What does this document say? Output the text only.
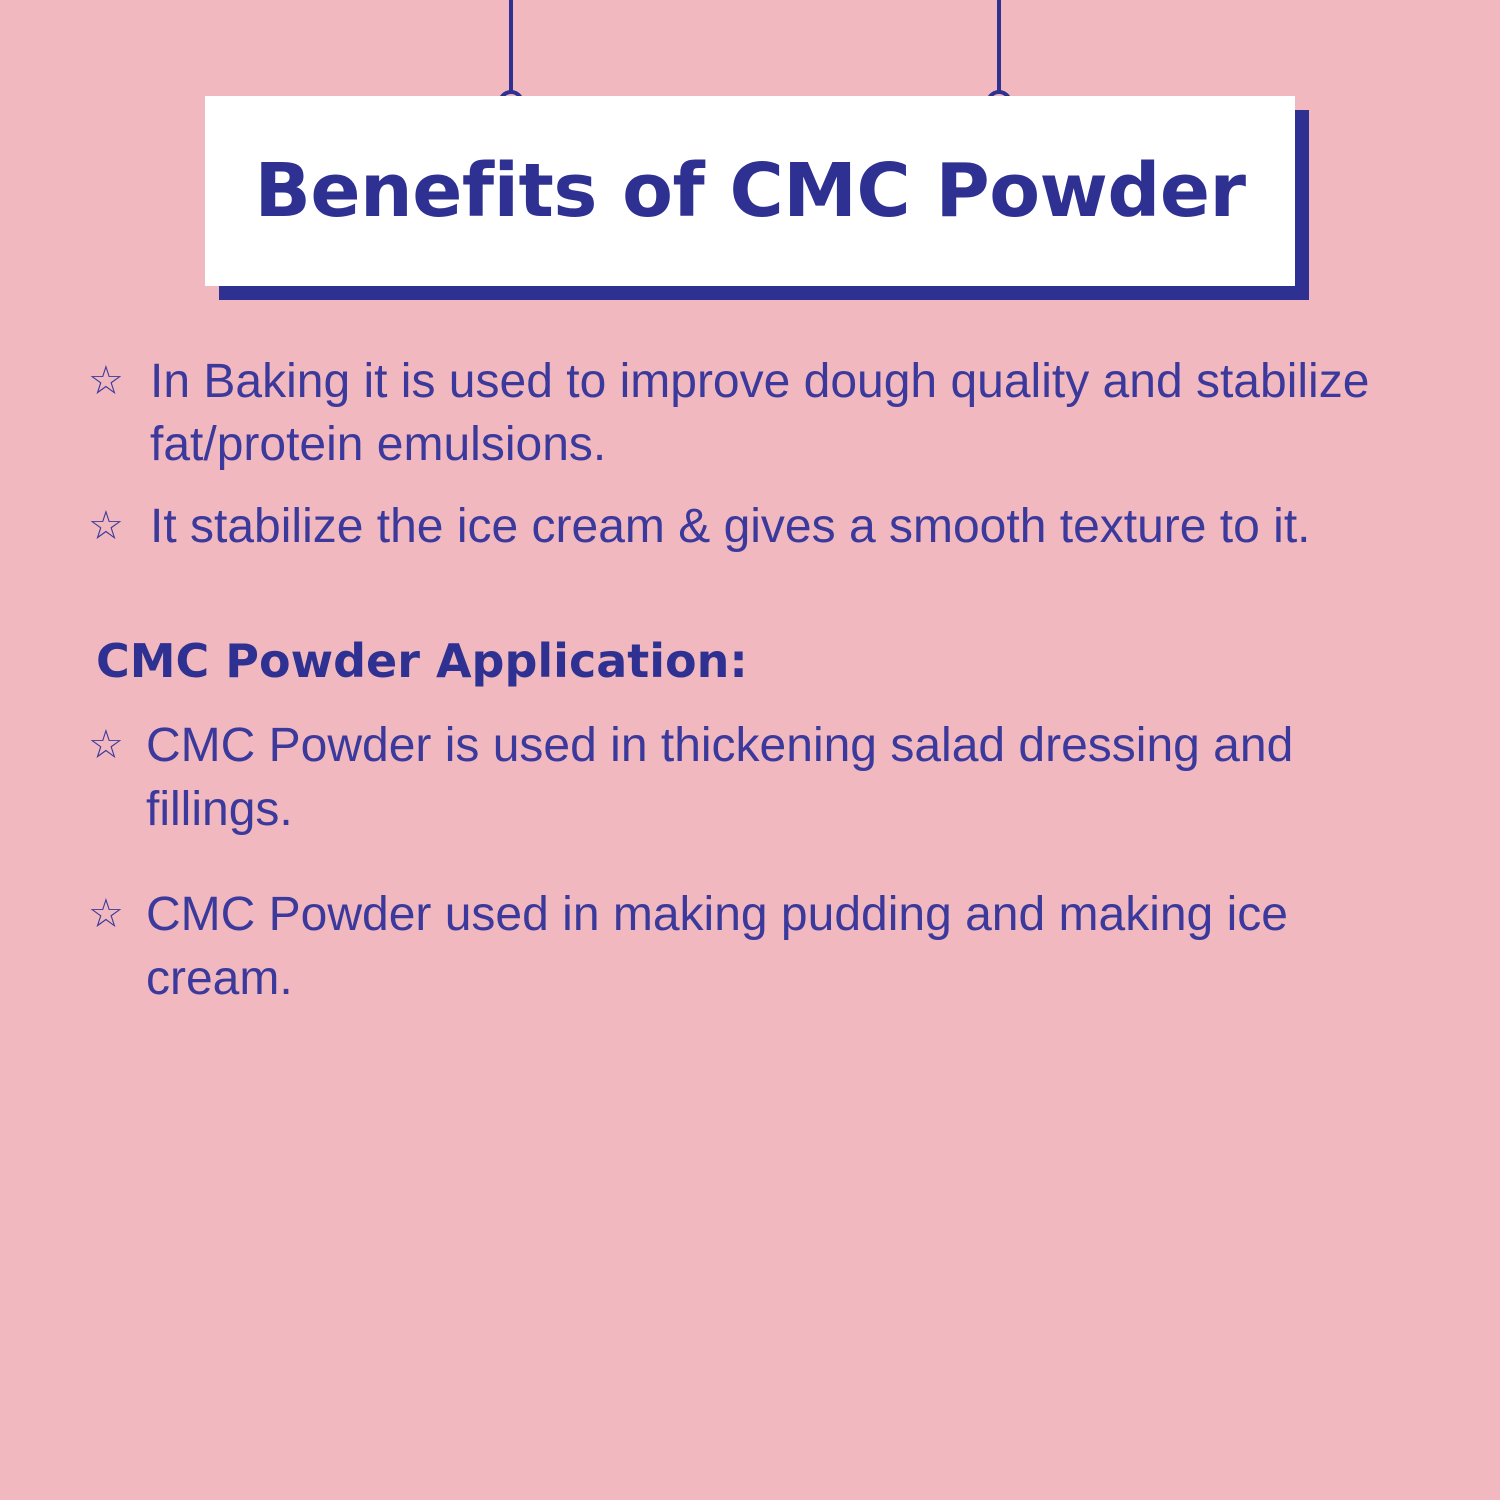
Benefits of CMC Powder
☆ In Baking it is used to improve dough quality and stabilize fat/protein emulsions.
☆ It stabilize the ice cream & gives a smooth texture to it.
CMC Powder Application:
☆ CMC Powder is used in thickening salad dressing and fillings.
☆ CMC Powder used in making pudding and making ice cream.
